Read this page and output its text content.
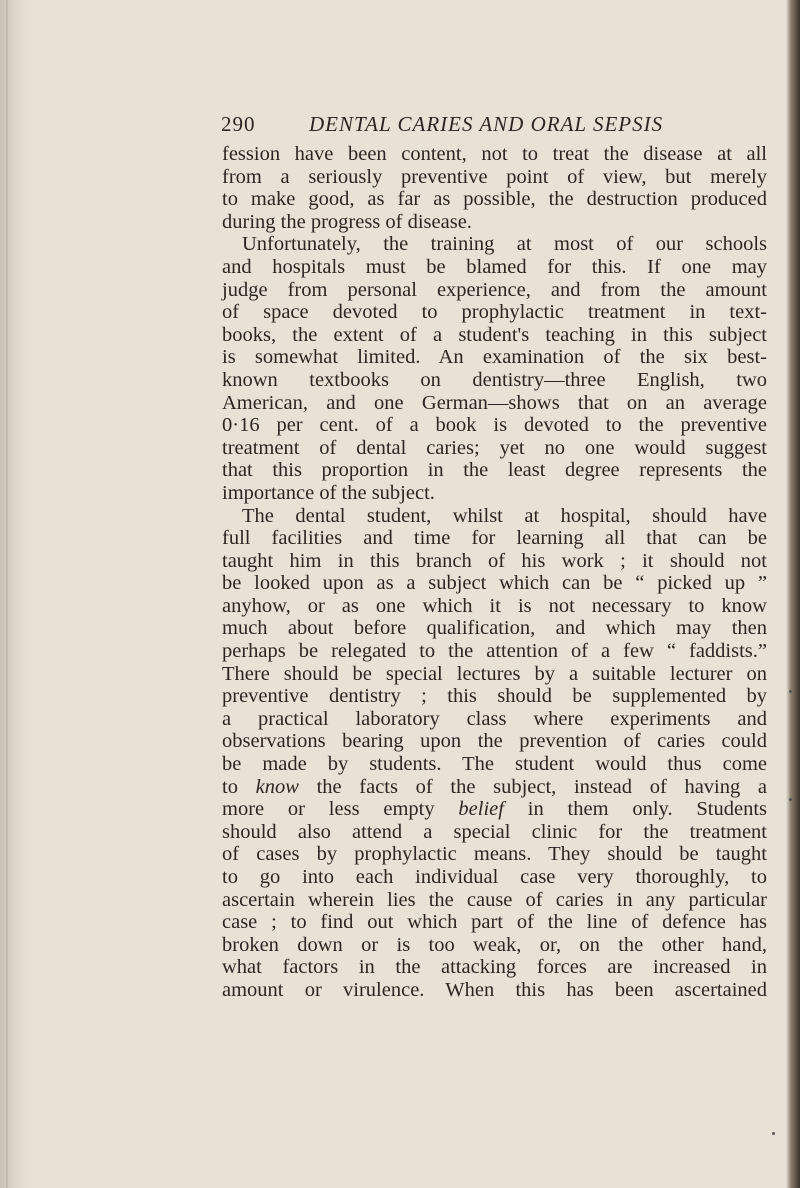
290	DENTAL CARIES AND ORAL SEPSIS
fession have been content, not to treat the disease at all
from a seriously preventive point of view, but merely
to make good, as far as possible, the destruction produced
during the progress of disease.
Unfortunately, the training at most of our schools
and hospitals must be blamed for this. If one may
judge from personal experience, and from the amount
of space devoted to prophylactic treatment in text-
books, the extent of a student's teaching in this subject
is somewhat limited. An examination of the six best-
known textbooks on dentistry—three English, two
American, and one German—shows that on an average
0·16 per cent. of a book is devoted to the preventive
treatment of dental caries; yet no one would suggest
that this proportion in the least degree represents the
importance of the subject.
The dental student, whilst at hospital, should have
full facilities and time for learning all that can be
taught him in this branch of his work ; it should not
be looked upon as a subject which can be “ picked up ”
anyhow, or as one which it is not necessary to know
much about before qualification, and which may then
perhaps be relegated to the attention of a few “ faddists.”
There should be special lectures by a suitable lecturer on
preventive dentistry ; this should be supplemented by
a practical laboratory class where experiments and
observations bearing upon the prevention of caries could
be made by students. The student would thus come
to know the facts of the subject, instead of having a
more or less empty belief in them only. Students
should also attend a special clinic for the treatment
of cases by prophylactic means. They should be taught
to go into each individual case very thoroughly, to
ascertain wherein lies the cause of caries in any particular
case ; to find out which part of the line of defence has
broken down or is too weak, or, on the other hand,
what factors in the attacking forces are increased in
amount or virulence. When this has been ascertained
